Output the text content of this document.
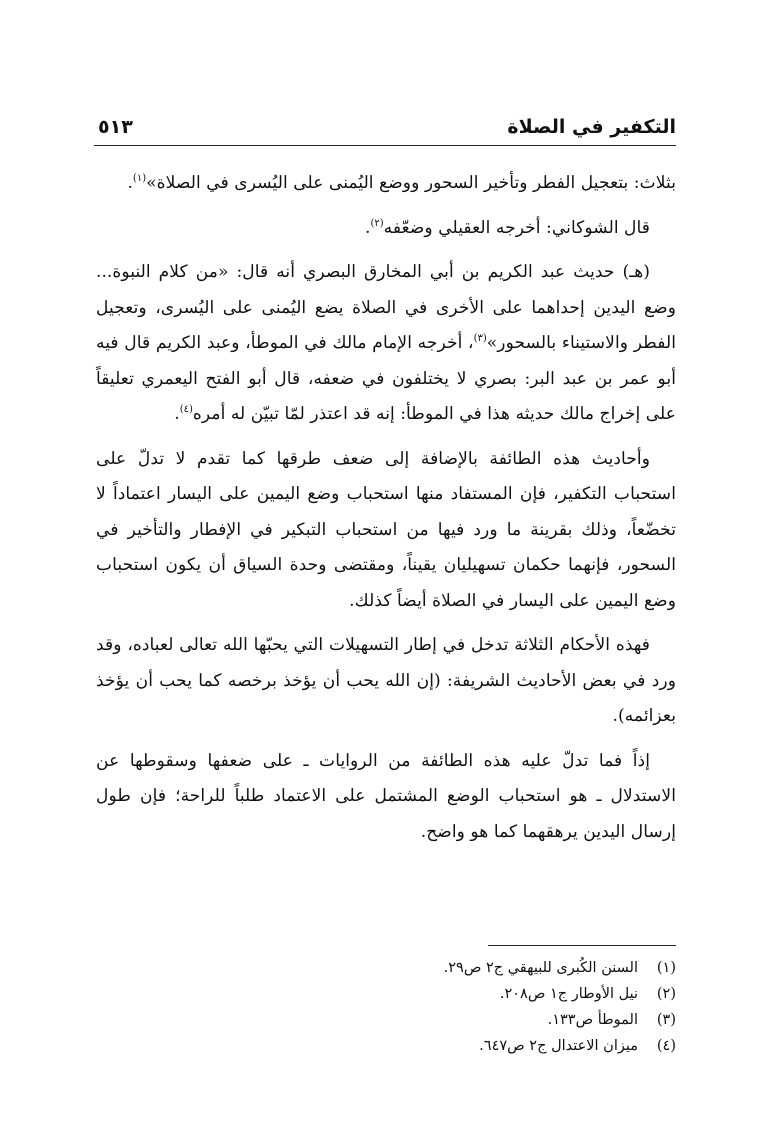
التكفير في الصلاة
٥١٣

بثلاث: بتعجيل الفطر وتأخير السحور ووضع اليُمنى على اليُسرى في الصلاة»$^{(١)}$.

قال الشوكاني: أخرجه العقيلي وضعّفه$^{(٢)}$.

(هـ) حديث عبد الكريم بن أبي المخارق البصري أنه قال: «من كلام النبوة... وضع اليدين إحداهما على الأخرى في الصلاة يضع اليُمنى على اليُسرى، وتعجيل الفطر والاستيناء بالسحور»$^{(٣)}$، أخرجه الإمام مالك في الموطأ، وعبد الكريم قال فيه أبو عمر بن عبد البر: بصري لا يختلفون في ضعفه، قال أبو الفتح اليعمري تعليقاً على إخراج مالك حديثه هذا في الموطأ: إنه قد اعتذر لمّا تبيّن له أمره$^{(٤)}$.

وأحاديث هذه الطائفة بالإضافة إلى ضعف طرقها كما تقدم لا تدلّ على استحباب التكفير، فإن المستفاد منها استحباب وضع اليمين على اليسار اعتماداً لا تخضّعاً، وذلك بقرينة ما ورد فيها من استحباب التبكير في الإفطار والتأخير في السحور، فإنهما حكمان تسهيليان يقيناً، ومقتضى وحدة السياق أن يكون استحباب وضع اليمين على اليسار في الصلاة أيضاً كذلك.

فهذه الأحكام الثلاثة تدخل في إطار التسهيلات التي يحبّها الله تعالى لعباده، وقد ورد في بعض الأحاديث الشريفة: (إن الله يحب أن يؤخذ برخصه كما يحب أن يؤخذ بعزائمه).

إذاً فما تدلّ عليه هذه الطائفة من الروايات ـ على ضعفها وسقوطها عن الاستدلال ـ هو استحباب الوضع المشتمل على الاعتماد طلباً للراحة؛ فإن طول إرسال اليدين يرهقهما كما هو واضح.

(١)السنن الكُبرى للبيهقي ج٢ ص٢٩.
(٢)نيل الأوطار ج١ ص٢٠٨.
(٣)الموطأ ص١٣٣.
(٤)ميزان الاعتدال ج٢ ص٦٤٧.
